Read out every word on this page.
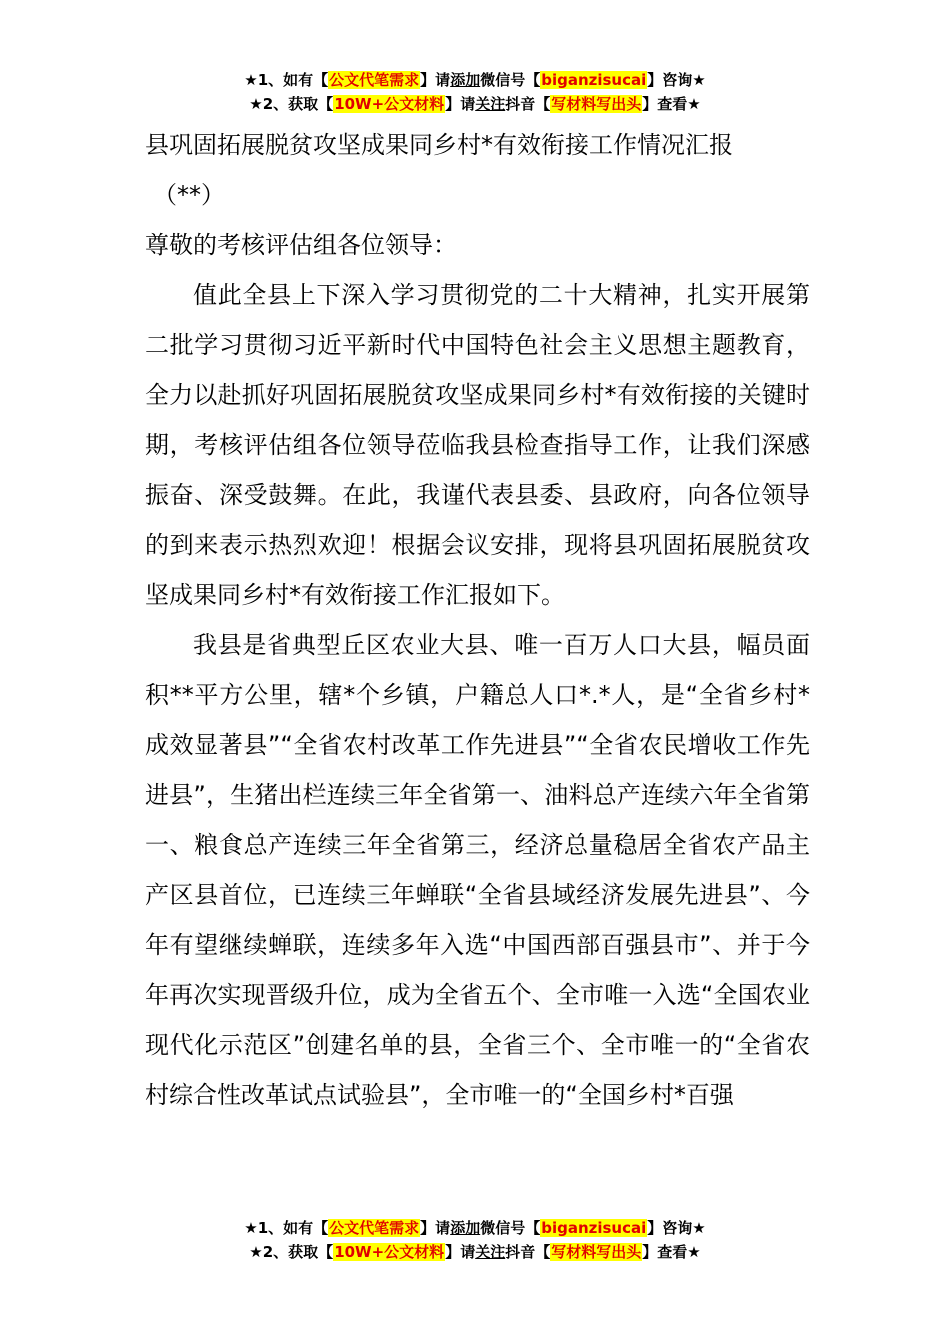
★1、如有【公文代笔需求】请添加微信号【biganzisucai】咨询★
★2、获取【10W+公文材料】请关注抖音【写材料写出头】查看★

县巩固拓展脱贫攻坚成果同乡村*有效衔接工作情况汇报

（**）

尊敬的考核评估组各位领导：

值此全县上下深入学习贯彻党的二十大精神，扎实开展第二批学习贯彻习近平新时代中国特色社会主义思想主题教育，全力以赴抓好巩固拓展脱贫攻坚成果同乡村*有效衔接的关键时期，考核评估组各位领导莅临我县检查指导工作，让我们深感振奋、深受鼓舞。在此，我谨代表县委、县政府，向各位领导的到来表示热烈欢迎！根据会议安排，现将县巩固拓展脱贫攻坚成果同乡村*有效衔接工作汇报如下。

我县是省典型丘区农业大县、唯一百万人口大县，幅员面积**平方公里，辖*个乡镇，户籍总人口*.*人，是“全省乡村*成效显著县”“全省农村改革工作先进县”“全省农民增收工作先进县”，生猪出栏连续三年全省第一、油料总产连续六年全省第一、粮食总产连续三年全省第三，经济总量稳居全省农产品主产区县首位，已连续三年蝉联“全省县域经济发展先进县”、今年有望继续蝉联，连续多年入选“中国西部百强县市”、并于今年再次实现晋级升位，成为全省五个、全市唯一入选“全国农业现代化示范区”创建名单的县，全省三个、全市唯一的“全省农村综合性改革试点试验县”，全市唯一的“全国乡村*百强

★1、如有【公文代笔需求】请添加微信号【biganzisucai】咨询★
★2、获取【10W+公文材料】请关注抖音【写材料写出头】查看★
